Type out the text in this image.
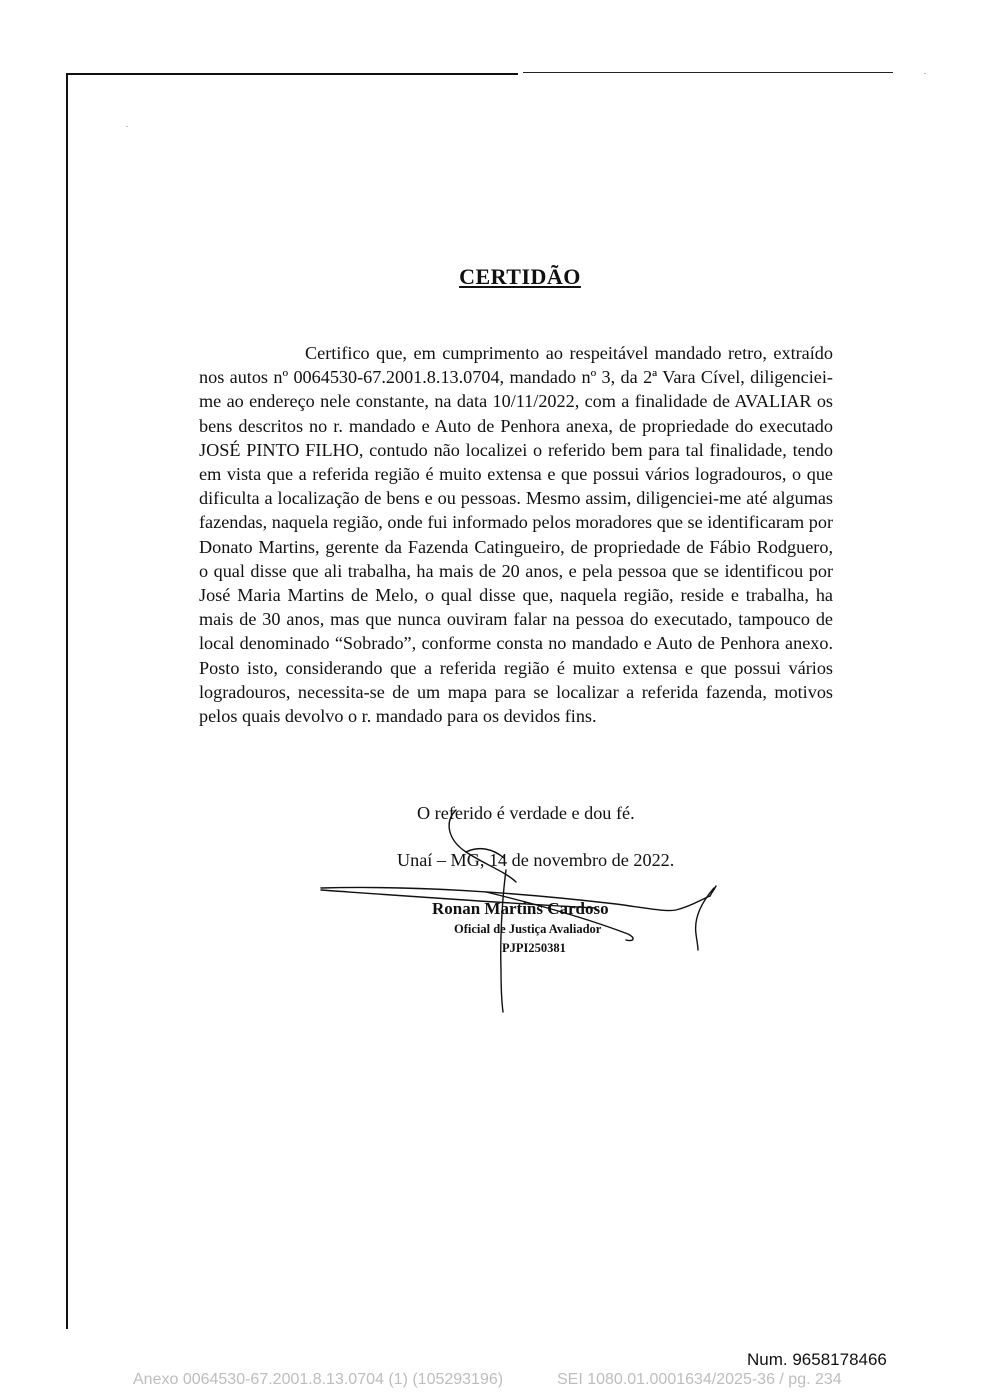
CERTIDÃO

Certifico que, em cumprimento ao respeitável mandado retro, extraído nos autos nº 0064530-67.2001.8.13.0704, mandado nº 3, da 2ª Vara Cível, diligenciei-me ao endereço nele constante, na data 10/11/2022, com a finalidade de AVALIAR os bens descritos no r. mandado e Auto de Penhora anexa, de propriedade do executado JOSÉ PINTO FILHO, contudo não localizei o referido bem para tal finalidade, tendo em vista que a referida região é muito extensa e que possui vários logradouros, o que dificulta a localização de bens e ou pessoas. Mesmo assim, diligenciei-me até algumas fazendas, naquela região, onde fui informado pelos moradores que se identificaram por Donato Martins, gerente da Fazenda Catingueiro, de propriedade de Fábio Rodguero, o qual disse que ali trabalha, ha mais de 20 anos, e pela pessoa que se identificou por José Maria Martins de Melo, o qual disse que, naquela região, reside e trabalha, ha mais de 30 anos, mas que nunca ouviram falar na pessoa do executado, tampouco de local denominado “Sobrado”, conforme consta no mandado e Auto de Penhora anexo. Posto isto, considerando que a referida região é muito extensa e que possui vários logradouros, necessita-se de um mapa para se localizar a referida fazenda, motivos pelos quais devolvo o r. mandado para os devidos fins.

O referido é verdade e dou fé.
Unaí – MG, 14 de novembro de 2022.
Ronan Martins Cardoso
Oficial de Justiça Avaliador
PJPI250381
Num. 9658178466
Anexo 0064530-67.2001.8.13.0704 (1) (105293196)	SEI 1080.01.0001634/2025-36 / pg. 234
